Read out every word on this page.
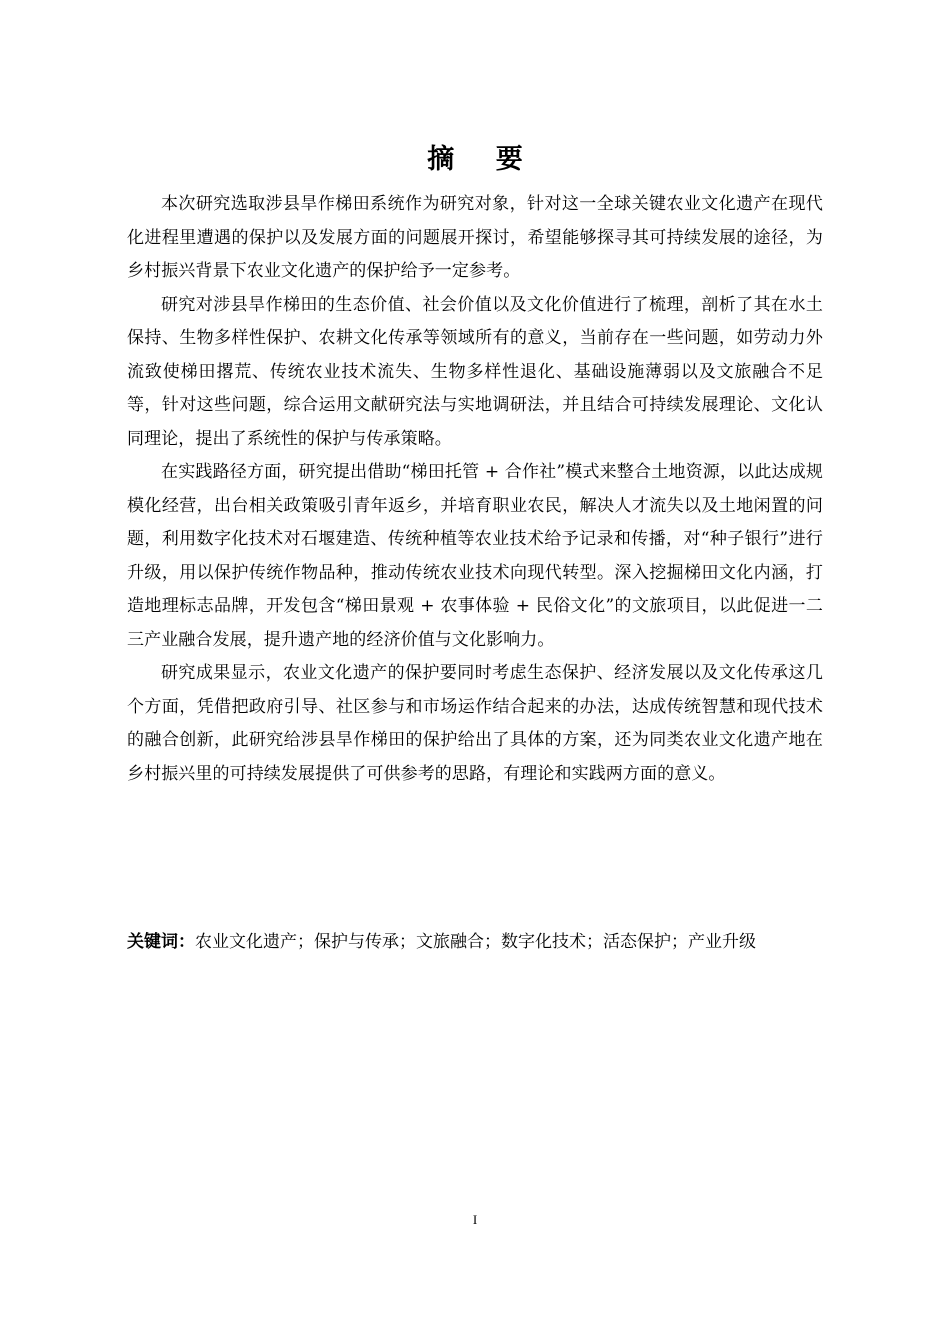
摘 要

本次研究选取涉县旱作梯田系统作为研究对象，针对这一全球关键农业文化遗产在现代化进程里遭遇的保护以及发展方面的问题展开探讨，希望能够探寻其可持续发展的途径，为乡村振兴背景下农业文化遗产的保护给予一定参考。

研究对涉县旱作梯田的生态价值、社会价值以及文化价值进行了梳理，剖析了其在水土保持、生物多样性保护、农耕文化传承等领域所有的意义，当前存在一些问题，如劳动力外流致使梯田撂荒、传统农业技术流失、生物多样性退化、基础设施薄弱以及文旅融合不足等，针对这些问题，综合运用文献研究法与实地调研法，并且结合可持续发展理论、文化认同理论，提出了系统性的保护与传承策略。

在实践路径方面，研究提出借助“梯田托管 + 合作社”模式来整合土地资源，以此达成规模化经营，出台相关政策吸引青年返乡，并培育职业农民，解决人才流失以及土地闲置的问题，利用数字化技术对石堰建造、传统种植等农业技术给予记录和传播，对“种子银行”进行升级，用以保护传统作物品种，推动传统农业技术向现代转型。深入挖掘梯田文化内涵，打造地理标志品牌，开发包含“梯田景观 + 农事体验 + 民俗文化”的文旅项目，以此促进一二三产业融合发展，提升遗产地的经济价值与文化影响力。

研究成果显示，农业文化遗产的保护要同时考虑生态保护、经济发展以及文化传承这几个方面，凭借把政府引导、社区参与和市场运作结合起来的办法，达成传统智慧和现代技术的融合创新，此研究给涉县旱作梯田的保护给出了具体的方案，还为同类农业文化遗产地在乡村振兴里的可持续发展提供了可供参考的思路，有理论和实践两方面的意义。

关键词： 农业文化遗产；保护与传承；文旅融合；数字化技术；活态保护；产业升级
I
